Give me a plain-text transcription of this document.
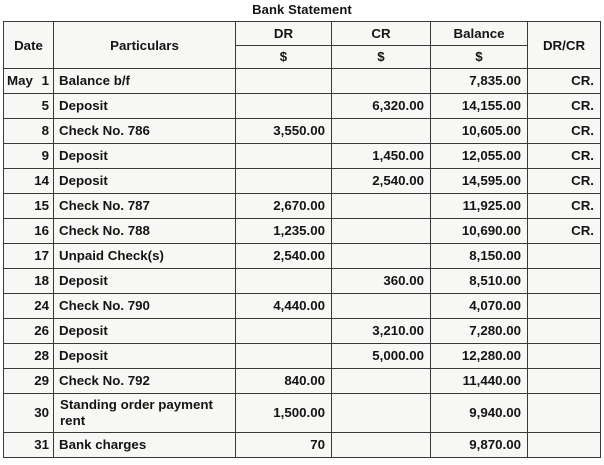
Bank Statement
Date	Particulars	DR	CR	Balance	DR/CR

		$	$	$	

May 1	Balance b/f			7,835.00	CR.

5	Deposit		6,320.00	14,155.00	CR.

8	Check No. 786	3,550.00		10,605.00	CR.

9	Deposit		1,450.00	12,055.00	CR.

14	Deposit		2,540.00	14,595.00	CR.

15	Check No. 787	2,670.00		11,925.00	CR.

16	Check No. 788	1,235.00		10,690.00	CR.

17	Unpaid Check(s)	2,540.00		8,150.00	

18	Deposit		360.00	8,510.00	

24	Check No. 790	4,440.00		4,070.00	

26	Deposit		3,210.00	7,280.00	

28	Deposit		5,000.00	12,280.00	

29	Check No. 792	840.00		11,440.00	

30	Standing order payment rent	1,500.00		9,940.00	

31	Bank charges	70		9,870.00	
